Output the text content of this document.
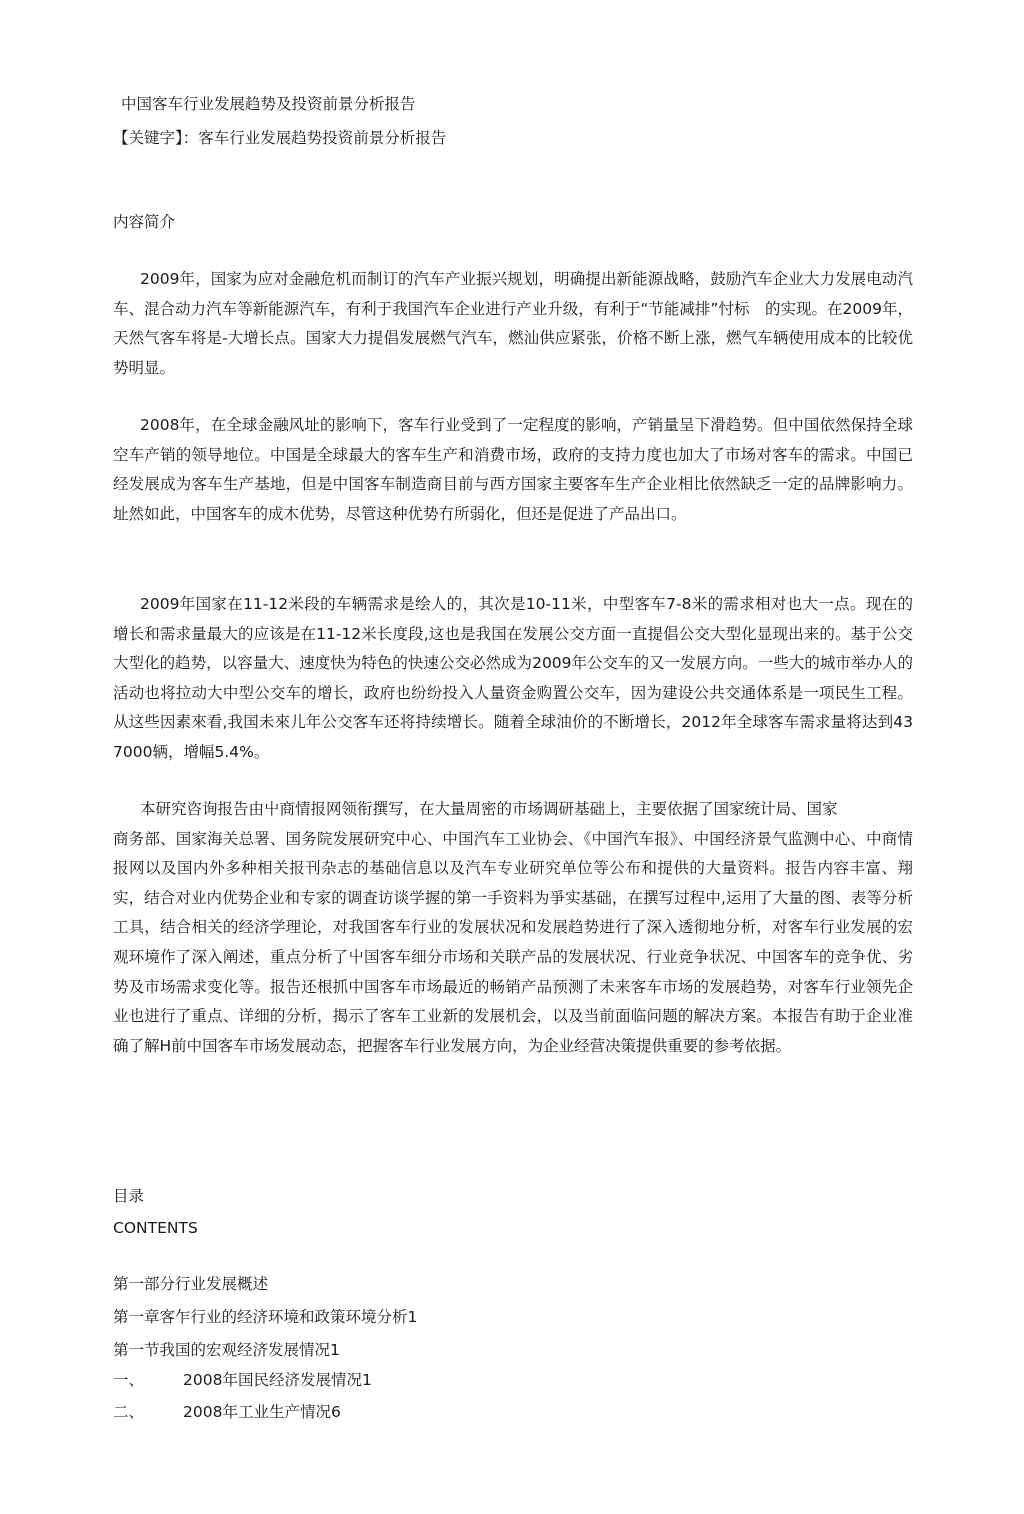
中国客车行业发展趋势及投资前景分析报告
【关键字】：客车行业发展趋势投资前景分析报告
内容简介
2009年，国家为应对金融危机而制订的汽车产业振兴规划，明确提出新能源战略，鼓励汽车企业大力发展电动汽车、混合动力汽车等新能源汽车，有利于我国汽车企业进行产业升级，有利于“节能减排”忖标　的实现。在2009年，天然气客车将是-大增长点。国家大力提倡发展燃气汽车，燃汕供应紧张，价格不断上涨，燃气车辆使用成本的比较优势明显。
2008年，在全球金融风址的影响下，客车行业受到了一定程度的影响，产销量呈下滑趋势。但中国依然保持全球空车产销的领导地位。中国是全球最大的客车生产和消费市场，政府的支持力度也加大了市场对客车的需求。中国已经发展成为客车生产基地，但是中国客车制造商目前与西方国家主要客车生产企业相比依然缺乏一定的品牌影响力。址然如此，中国客车的成木优势，尽管这种优势冇所弱化，但还是促进了产品出口。
2009年国家在11-12米段的车辆需求是绘人的，其次是10-11米，中型客车7-8米的需求相对也大一点。现在的增长和需求量最大的应该是在11-12米长度段,这也是我国在发展公交方面一直提倡公交大型化显现出来的。基于公交大型化的趋势，以容量大、速度快为特色的快速公交必然成为2009年公交车的又一发展方向。一些大的城市举办人的活动也将拉动大中型公交车的增长，政府也纷纷投入人量资金购置公交车，因为建设公共交通体系是一项民生工程。从这些因素來看,我国未來儿年公交客车还将持续增长。随着全球油价的不断增长，2012年全球客车需求量将达到437000辆，增幅5.4%。
本研究咨询报告由屮商情报网领衔撰写，在大量周密的市场调研基础上，主要依据了国家统计局、国家
商务部、国家海关总署、国务院发展研究中心、中国汽车工业协会、《中国汽车报》、中国经济景气监测中心、中商情报网以及国内外多种相关报刊杂志的基础信息以及汽车专业研究单位等公布和提供的大量资料。报告内容丰富、翔实，结合对业内优势企业和专家的调査访谈学握的第一手资料为爭实基础，在撰写过程中,运用了大量的图、表等分析工具，结合相关的经济学理论，对我国客车行业的发展状况和发展趋势进行了深入透彻地分析，对客车行业发展的宏观环境作了深入阐述，重点分析了屮国客车细分市场和关联产品的发展状况、行业竞争状况、中国客车的竞争优、劣势及市场需求变化等。报告还根抓中国客车市场最近的畅销产品预测了未来客车市场的发展趋势，对客车行业领先企业也进行了重点、详细的分析，揭示了客车工业新的发展机会，以及当前面临问题的解决方案。本报告有助于企业准确了解H前中国客车市场发展动态，把握客车行业发展方向，为企业经营决策提供重要的参考依据。
目录
CONTENTS
第一部分行业发展概述
第一章客乍行业的经济环境和政策环境分析1
第一节我国的宏观经济发展情况1
一、	2008年国民经济发展情况1
二、	2008年工业生产情况6
